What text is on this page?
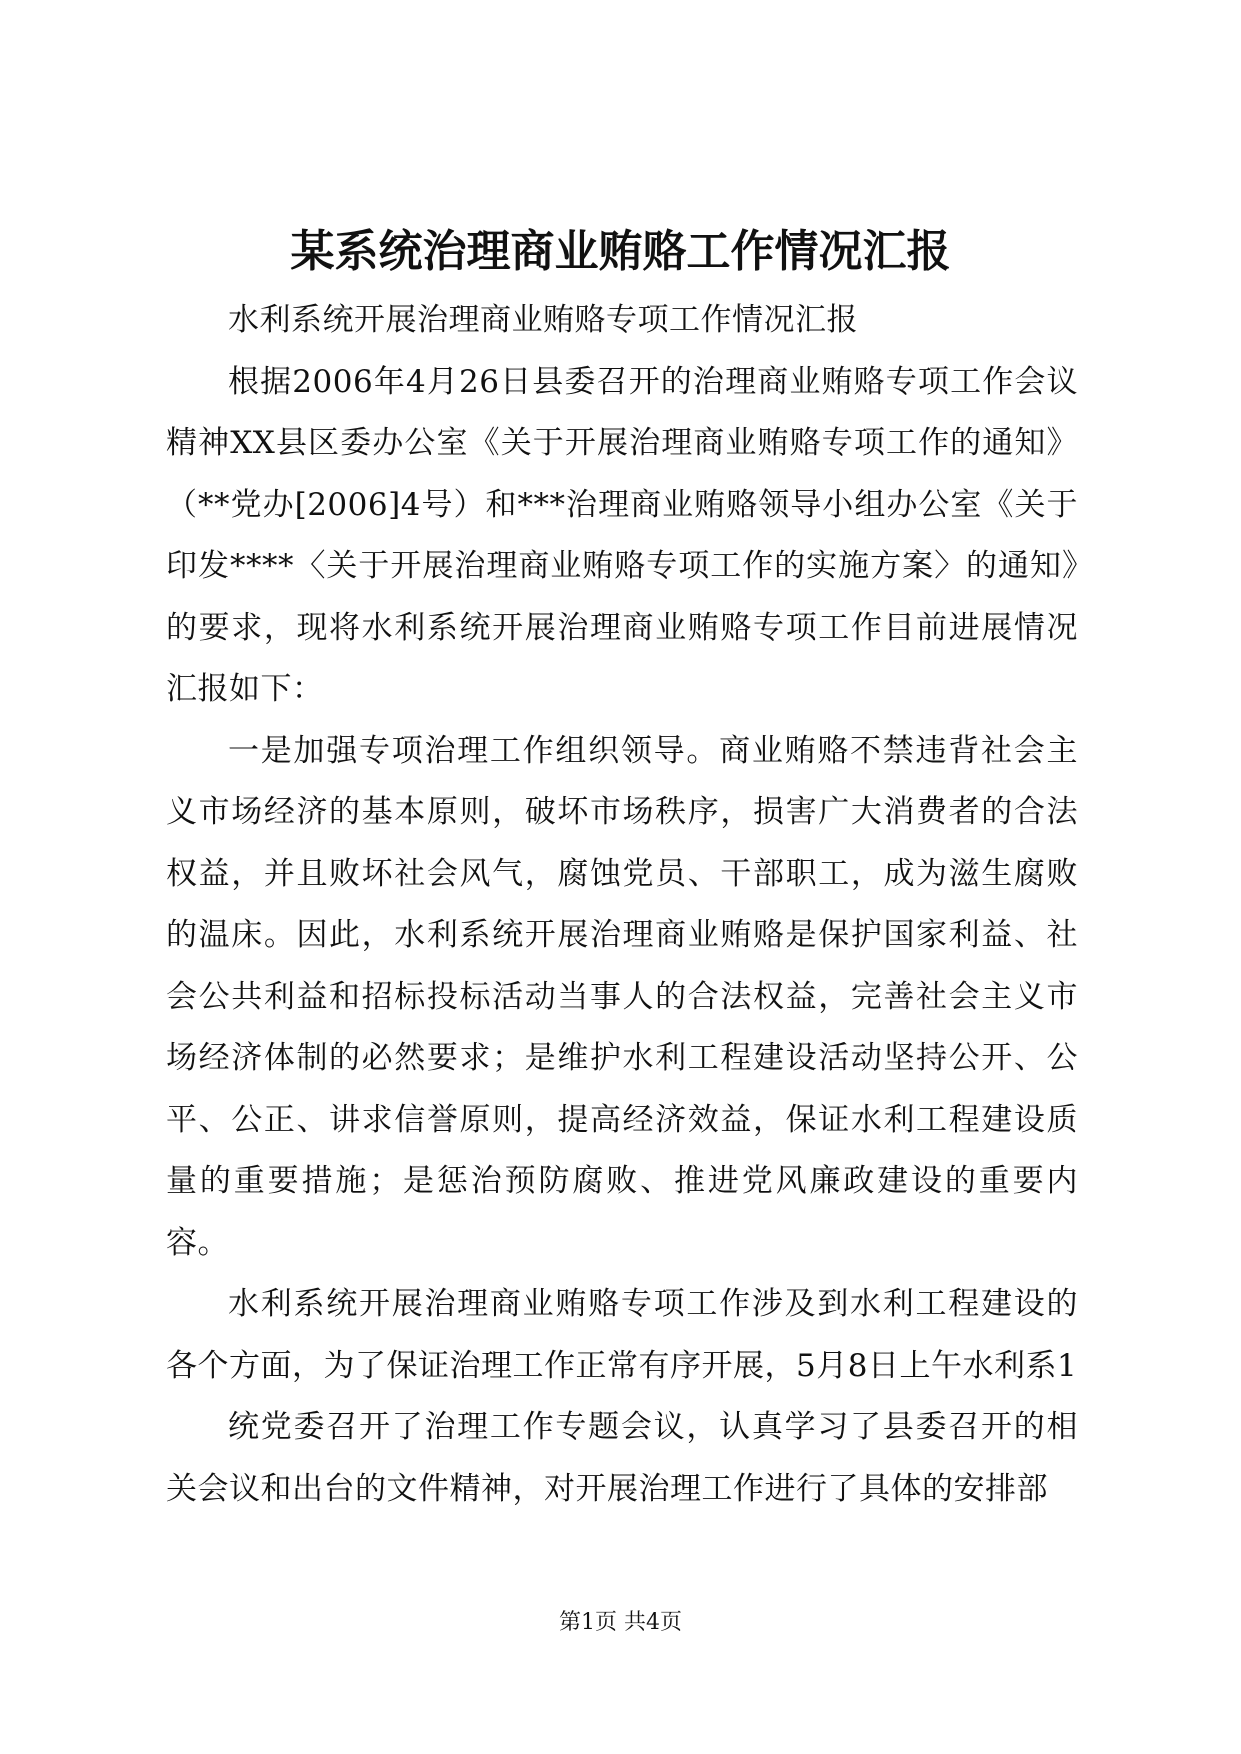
某系统治理商业贿赂工作情况汇报

水利系统开展治理商业贿赂专项工作情况汇报

根据2006年4月26日县委召开的治理商业贿赂专项工作会议精神XX县区委办公室《关于开展治理商业贿赂专项工作的通知》（**党办[2006]4号）和***治理商业贿赂领导小组办公室《关于印发****〈关于开展治理商业贿赂专项工作的实施方案〉的通知》的要求，现将水利系统开展治理商业贿赂专项工作目前进展情况汇报如下：

一是加强专项治理工作组织领导。商业贿赂不禁违背社会主义市场经济的基本原则，破坏市场秩序，损害广大消费者的合法权益，并且败坏社会风气，腐蚀党员、干部职工，成为滋生腐败的温床。因此，水利系统开展治理商业贿赂是保护国家利益、社会公共利益和招标投标活动当事人的合法权益，完善社会主义市场经济体制的必然要求；是维护水利工程建设活动坚持公开、公平、公正、讲求信誉原则，提高经济效益，保证水利工程建设质量的重要措施；是惩治预防腐败、推进党风廉政建设的重要内容。

水利系统开展治理商业贿赂专项工作涉及到水利工程建设的各个方面，为了保证治理工作正常有序开展，5月8日上午水利系1

统党委召开了治理工作专题会议，认真学习了县委召开的相关会议和出台的文件精神，对开展治理工作进行了具体的安排部

第1页 共4页
